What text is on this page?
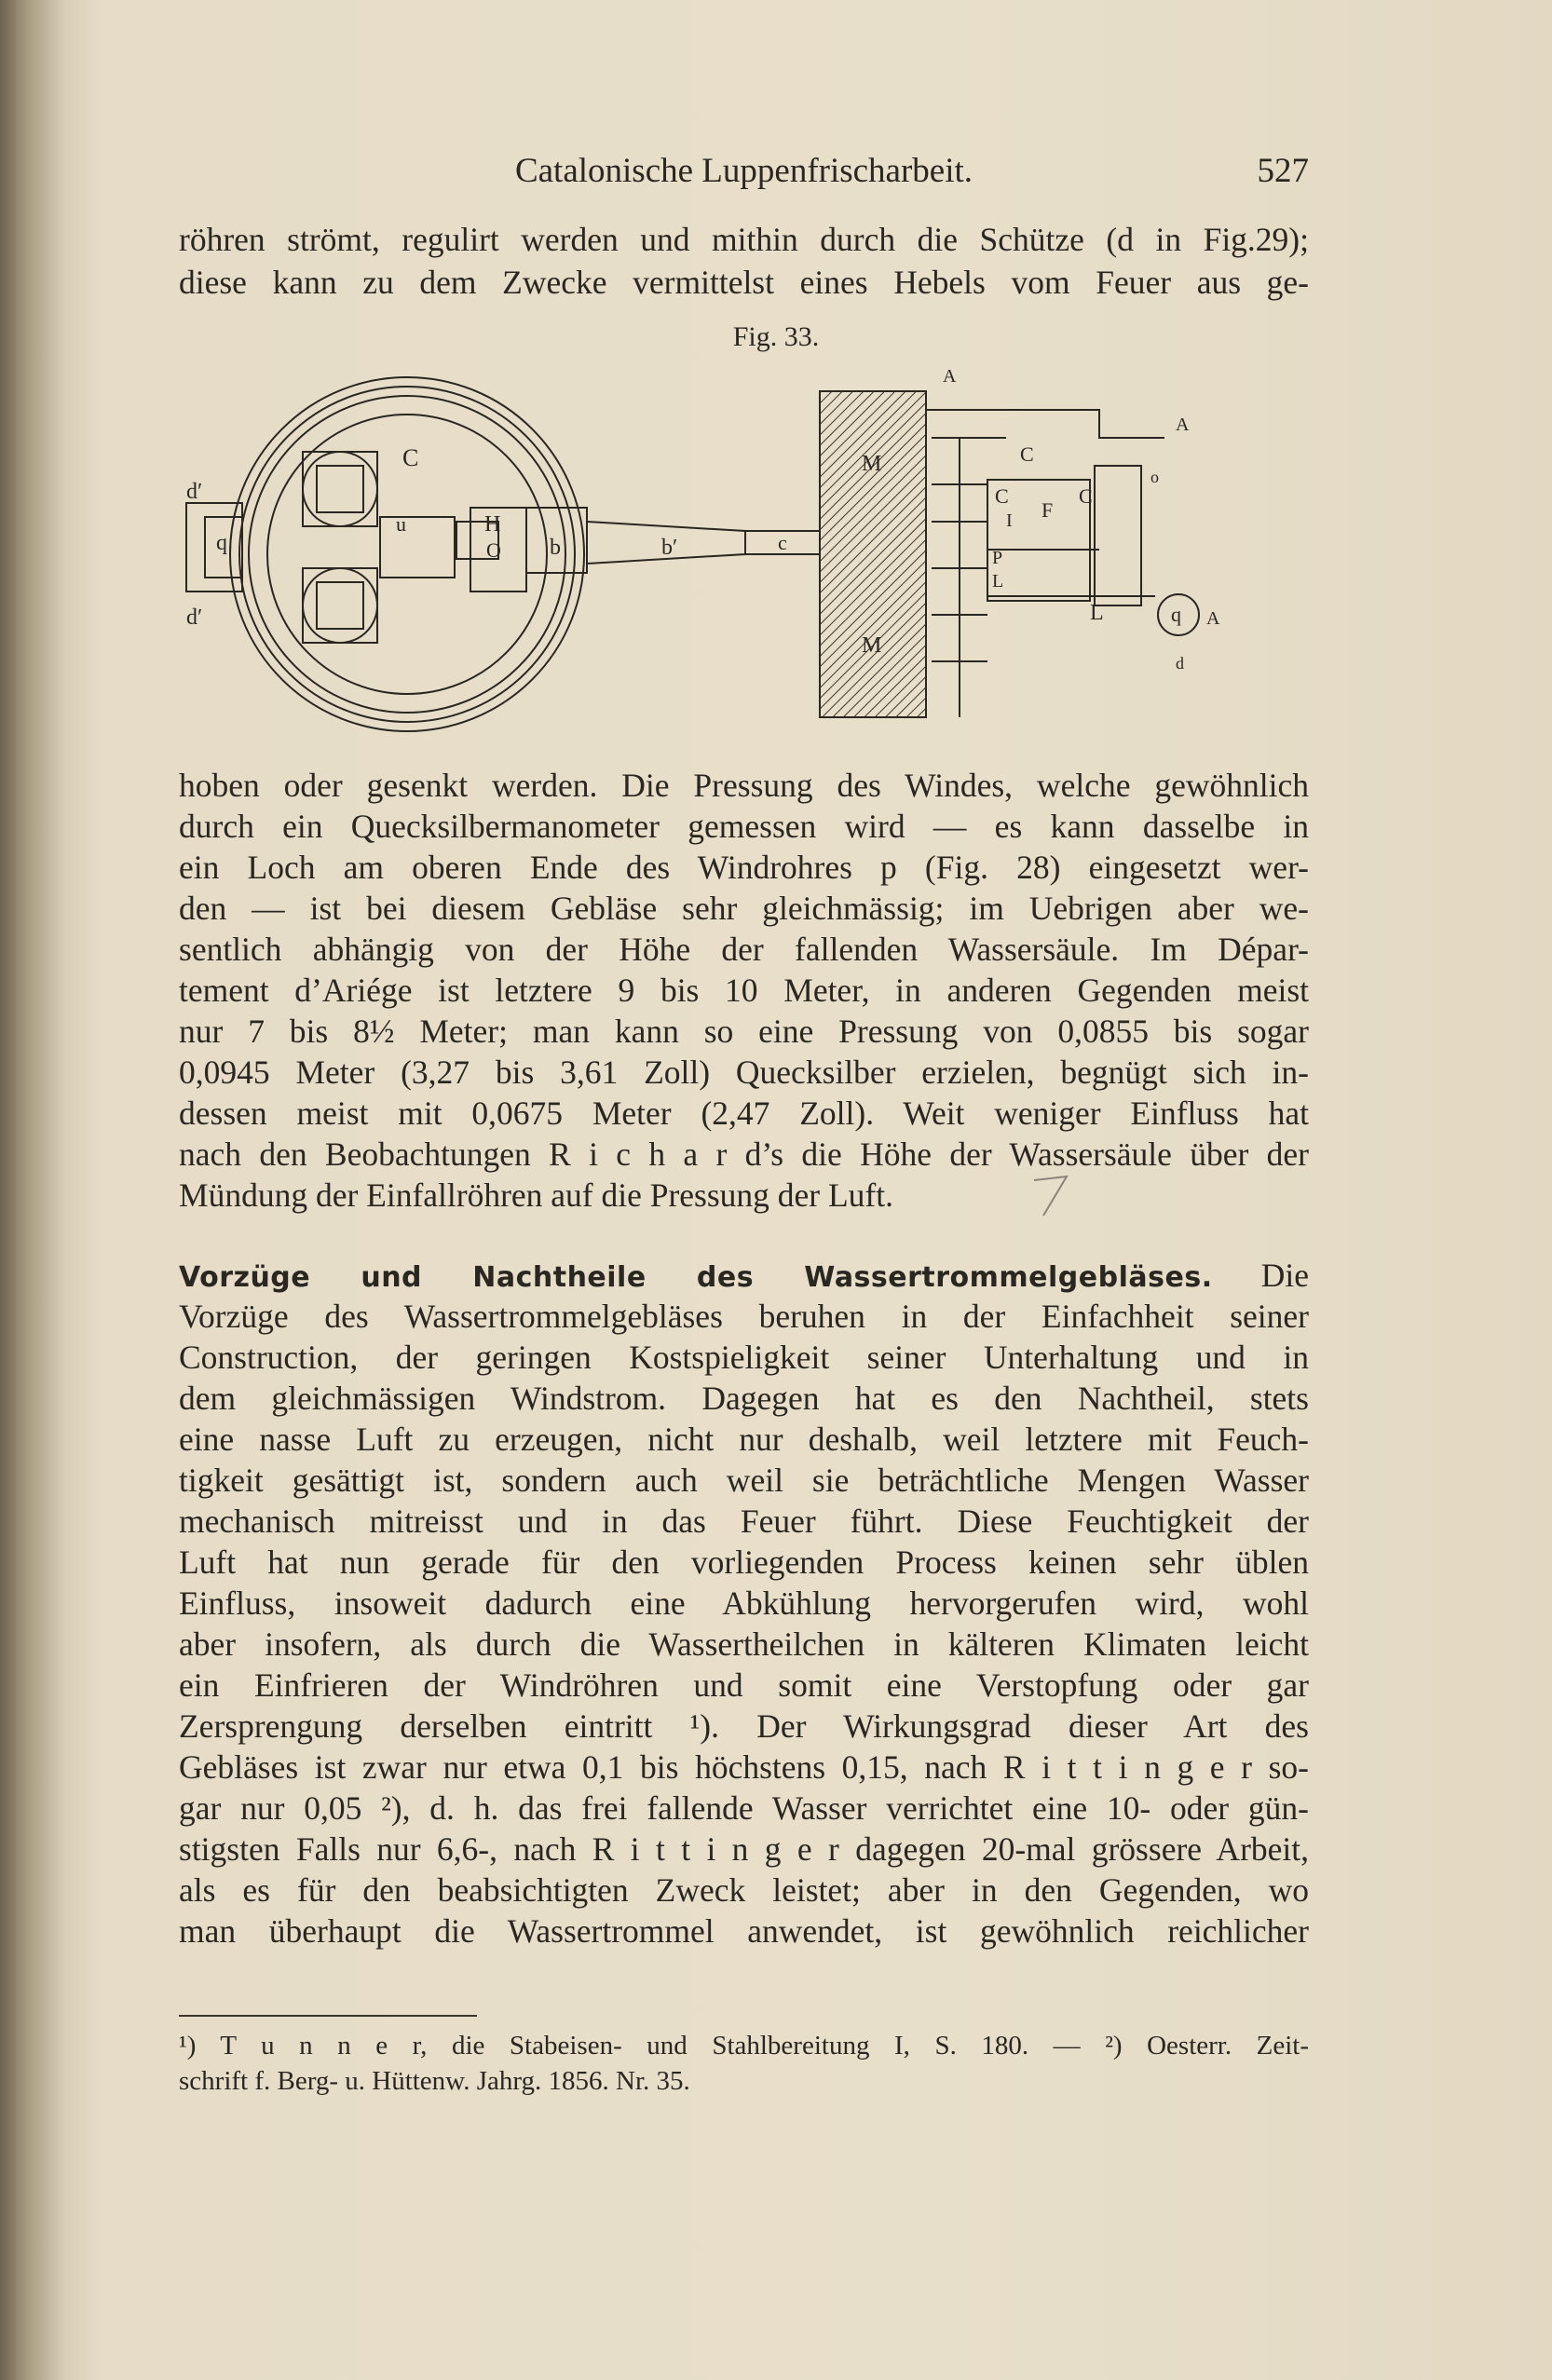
Catalonische Luppenfrischarbeit.	527
röhren strömt, regulirt werden und mithin durch die Schütze (d in Fig.29);
diese kann zu dem Zwecke vermittelst eines Hebels vom Feuer aus ge-
Fig. 33.
C
d′
q
d′
u	H
O b	b′	c
M
M
A
C
C	C
F
I
P
L
L	q
A
o
A
d
hoben oder gesenkt werden. Die Pressung des Windes, welche gewöhnlich
durch ein Quecksilbermanometer gemessen wird — es kann dasselbe in
ein Loch am oberen Ende des Windrohres p (Fig. 28) eingesetzt wer-
den — ist bei diesem Gebläse sehr gleichmässig; im Uebrigen aber we-
sentlich abhängig von der Höhe der fallenden Wassersäule. Im Dépar-
tement d’Ariége ist letztere 9 bis 10 Meter, in anderen Gegenden meist
nur 7 bis 8½ Meter; man kann so eine Pressung von 0,0855 bis sogar
0,0945 Meter (3,27 bis 3,61 Zoll) Quecksilber erzielen, begnügt sich in-
dessen meist mit 0,0675 Meter (2,47 Zoll). Weit weniger Einfluss hat
nach den Beobachtungen R i c h a r d’s die Höhe der Wassersäule über der
Mündung der Einfallröhren auf die Pressung der Luft.
Vorzüge und Nachtheile des Wassertrommelgebläses. Die
Vorzüge des Wassertrommelgebläses beruhen in der Einfachheit seiner
Construction, der geringen Kostspieligkeit seiner Unterhaltung und in
dem gleichmässigen Windstrom. Dagegen hat es den Nachtheil, stets
eine nasse Luft zu erzeugen, nicht nur deshalb, weil letztere mit Feuch-
tigkeit gesättigt ist, sondern auch weil sie beträchtliche Mengen Wasser
mechanisch mitreisst und in das Feuer führt. Diese Feuchtigkeit der
Luft hat nun gerade für den vorliegenden Process keinen sehr üblen
Einfluss, insoweit dadurch eine Abkühlung hervorgerufen wird, wohl
aber insofern, als durch die Wassertheilchen in kälteren Klimaten leicht
ein Einfrieren der Windröhren und somit eine Verstopfung oder gar
Zersprengung derselben eintritt ¹). Der Wirkungsgrad dieser Art des
Gebläses ist zwar nur etwa 0,1 bis höchstens 0,15, nach R i t t i n g e r so-
gar nur 0,05 ²), d. h. das frei fallende Wasser verrichtet eine 10- oder gün-
stigsten Falls nur 6,6-, nach R i t t i n g e r dagegen 20-mal grössere Arbeit,
als es für den beabsichtigten Zweck leistet; aber in den Gegenden, wo
man überhaupt die Wassertrommel anwendet, ist gewöhnlich reichlicher
¹) T u n n e r, die Stabeisen- und Stahlbereitung I, S. 180. — ²) Oesterr. Zeit-
schrift f. Berg- u. Hüttenw. Jahrg. 1856. Nr. 35.
